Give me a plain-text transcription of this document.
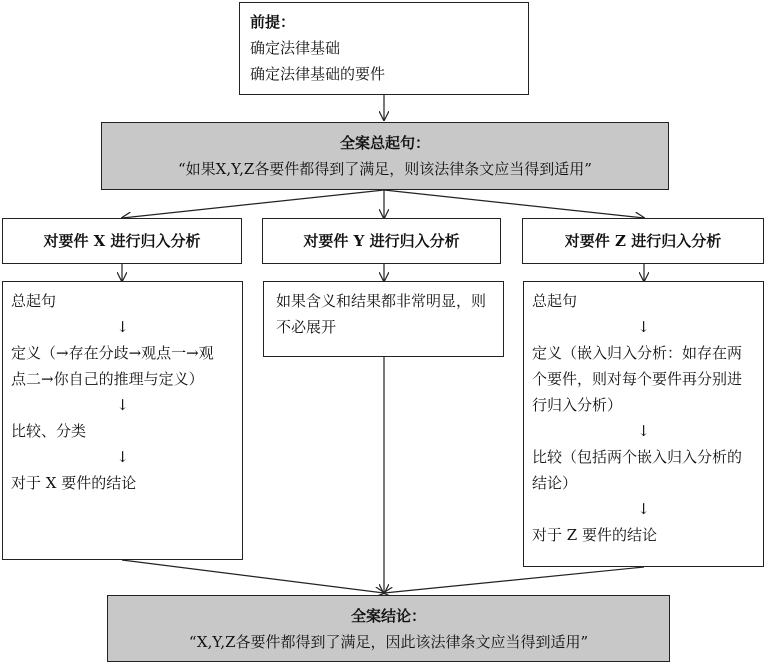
前提：
确定法律基础
确定法律基础的要件
全案总起句：
“如果X,Y,Z各要件都得到了满足，则该法律条文应当得到适用”
对要件 X 进行归入分析	对要件 Y 进行归入分析	对要件 Z 进行归入分析
总起句
↓
定义（→存在分歧→观点一→观点二→你自己的推理与定义）
↓
比较、分类
↓
对于 X 要件的结论
如果含义和结果都非常明显，则不必展开
总起句
↓
定义（嵌入归入分析：如存在两个要件，则对每个要件再分别进行归入分析）
↓
比较（包括两个嵌入归入分析的结论）
↓
对于 Z 要件的结论
全案结论：
“X,Y,Z各要件都得到了满足，因此该法律条文应当得到适用”
